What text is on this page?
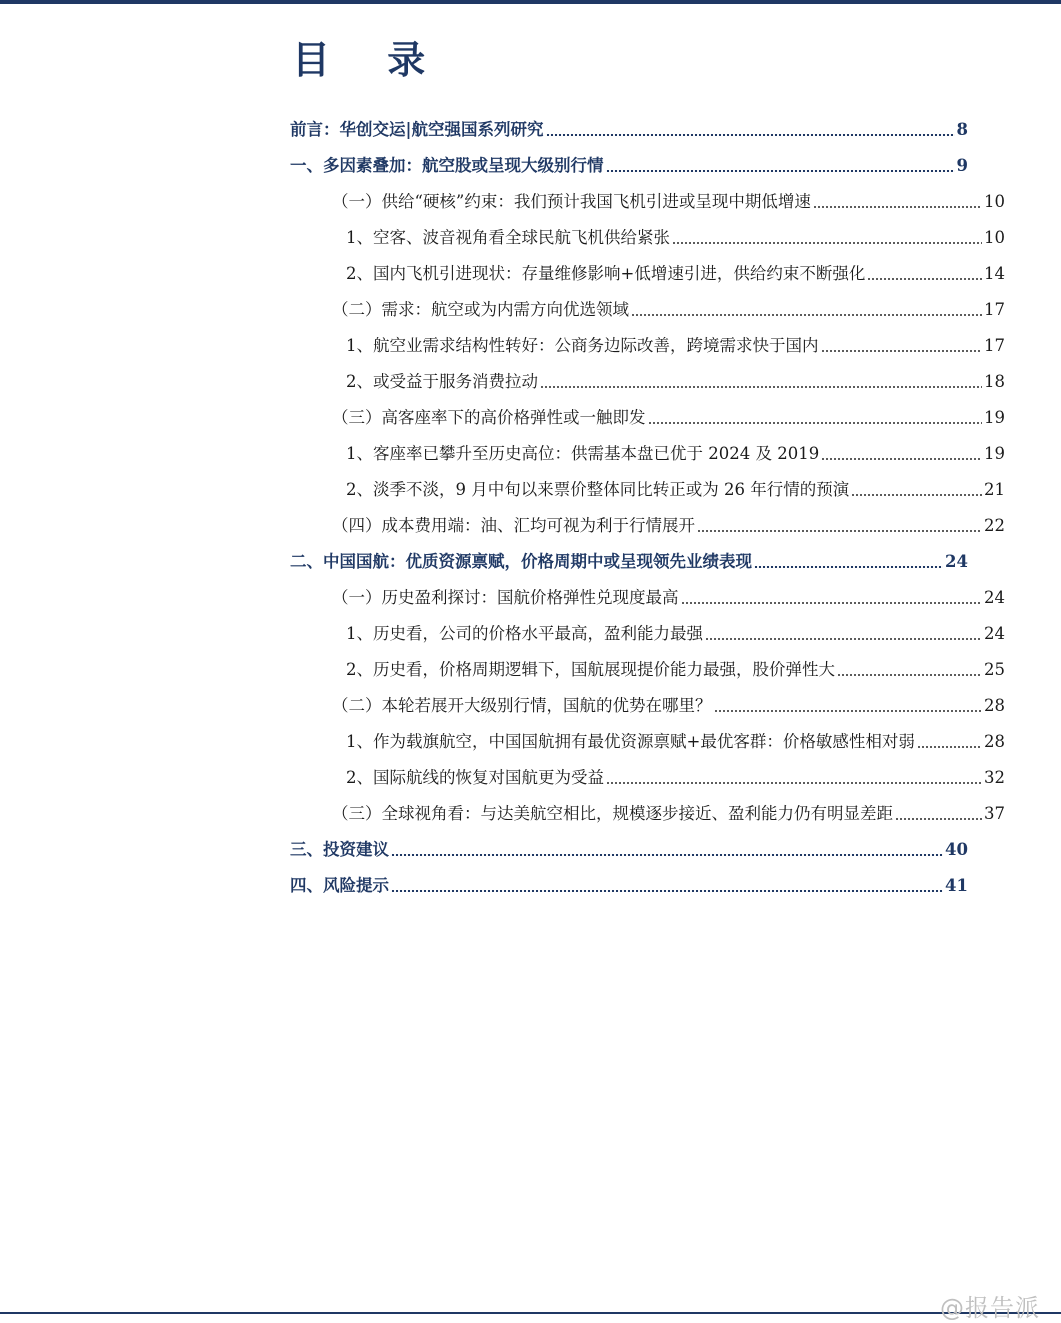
目 录
前言：华创交运|航空强国系列研究	8
一、多因素叠加：航空股或呈现大级别行情	9
（一）供给“硬核”约束：我们预计我国飞机引进或呈现中期低增速	10
1、空客、波音视角看全球民航飞机供给紧张	10
2、国内飞机引进现状：存量维修影响+低增速引进，供给约束不断强化	14
（二）需求：航空或为内需方向优选领域	17
1、航空业需求结构性转好：公商务边际改善，跨境需求快于国内	17
2、或受益于服务消费拉动	18
（三）高客座率下的高价格弹性或一触即发	19
1、客座率已攀升至历史高位：供需基本盘已优于 2024 及 2019	19
2、淡季不淡，9 月中旬以来票价整体同比转正或为 26 年行情的预演	21
（四）成本费用端：油、汇均可视为利于行情展开	22
二、中国国航：优质资源禀赋，价格周期中或呈现领先业绩表现	24
（一）历史盈利探讨：国航价格弹性兑现度最高	24
1、历史看，公司的价格水平最高，盈利能力最强	24
2、历史看，价格周期逻辑下，国航展现提价能力最强，股价弹性大	25
（二）本轮若展开大级别行情，国航的优势在哪里？	28
1、作为载旗航空，中国国航拥有最优资源禀赋+最优客群：价格敏感性相对弱	28
2、国际航线的恢复对国航更为受益	32
（三）全球视角看：与达美航空相比，规模逐步接近、盈利能力仍有明显差距	37
三、投资建议	40
四、风险提示	41

@报告派
